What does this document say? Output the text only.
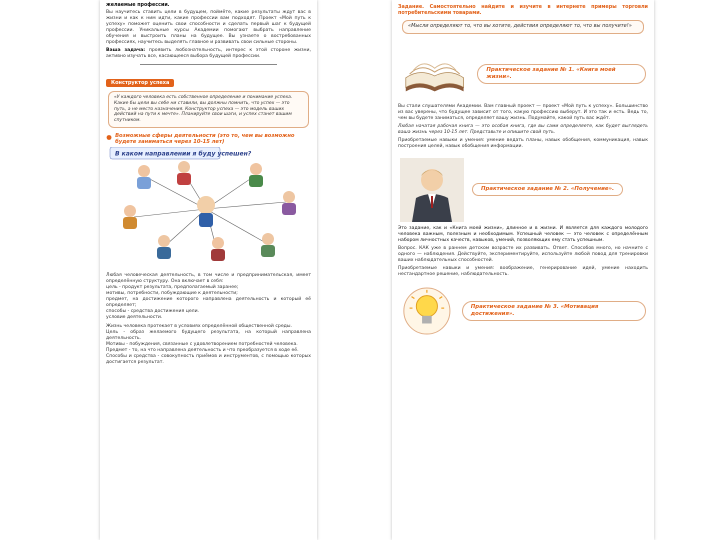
желаемые профессии.
Вы научитесь ставить цели в будущем, поймёте, какие результаты ждут вас в жизни и как к ним идти, какие профессии вам подходят. Проект «Мой путь к успеху» поможет оценить свои способности и сделать первый шаг к будущей профессии. Уникальные курсы Академии помогают выбрать направление обучения и выстроить планы на будущее. Вы узнаете о востребованных профессиях, научитесь выделять главное и развивать свои сильные стороны.
Ваша задача: проявить любознательность, интерес к этой стороне жизни, активно изучать все, касающееся выбора будущей профессии.
Конструктор успеха
«У каждого человека есть собственное определение и понимание успеха. Какие бы цели вы себе ни ставили, вы должны помнить, что успех — это путь, а не место назначения. Конструктор успеха — это модель ваших действий на пути к мечте». Планируйте свои шаги, и успех станет вашим спутником.
Возможные сферы деятельности (это то, чем вы возможно будете заниматься через 10-15 лет)
В каком направлении я буду успешен?
Любая человеческая деятельность, в том числе и предпринимательская, имеет определённую структуру. Она включает в себя:
цель - продукт результата, предполагаемый заранее;
мотивы, потребности, побуждающие к деятельности;
предмет, на достижение которого направлена деятельность и который её определяет;
способы - средства достижения цели.
условие деятельности.
Жизнь человека протекает в условиях определённой общественной среды.
Цель - образ желаемого будущего результата, на который направлена деятельность.
Мотивы - побуждения, связанные с удовлетворением потребностей человека.
Предмет - то, на что направлена деятельность и что преобразуется в ходе её.
Способы и средства - совокупность приёмов и инструментов, с помощью которых достигается результат.
Задание. Самостоятельно найдите и изучите в интернете примеры торговли потребительскими товарами.
«Мысли определяют то, что вы хотите, действия определяют то, что вы получите!»
Практическое задание № 1. «Книга моей жизни».
Вы стали слушателями Академии. Вам главный проект — проект «Мой путь к успеху». Большинство из вас уверены, что будущее зависит от того, какую профессию выберут. И это так и есть. Ведь то, чем вы будете заниматься, определяет вашу жизнь. Подумайте, какой путь вас ждёт.
Любая начатая рабочая книга — это особая книга, где вы сами определяете, как будет выглядеть ваша жизнь через 10-15 лет. Представьте и опишите свой путь.
Приобретаемые навыки и умения: умение ведать планы, навык обобщения, коммуникация, навык построения целей, навык обобщения информации.
Практическое задание № 2. «Получение».
Это задание, как и «Книга моей жизни», длинное и в жизни. И является для каждого молодого человека важным, полезным и необходимым. Успешный человек — это человек с определённым набором личностных качеств, навыков, умений, позволяющих ему стать успешным.
Вопрос. КАК уже в раннем детском возрасте их развивать. Ответ. Способов много, но начните с одного — наблюдения. Действуйте, экспериментируйте, используйте любой повод для тренировки ваших наблюдательных способностей.
Приобретаемые навыки и умения: воображение, генерирование идей, умение находить нестандартное решение, наблюдательность.
Практическое задание № 3. «Мотивация достижения».
